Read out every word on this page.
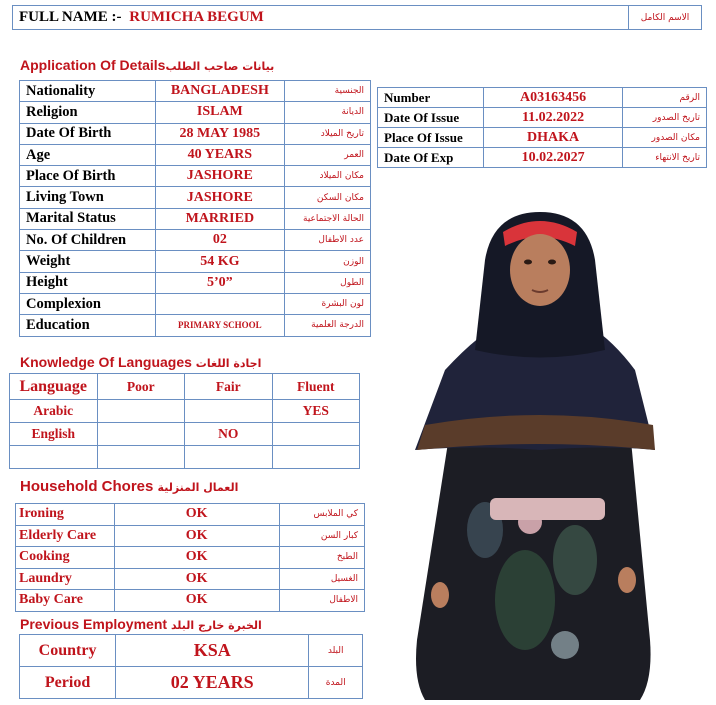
FULL NAME :- RUMICHA BEGUM	الاسم الكامل
Application Of Detailsبيانات صاحب الطلب
Nationality	BANGLADESH	الجنسية
Religion	ISLAM	الديانة
Date Of Birth	28 MAY 1985	تاريخ الميلاد
Age	40 YEARS	العمر
Place Of Birth	JASHORE	مكان الميلاد
Living Town	JASHORE	مكان السكن
Marital Status	MARRIED	الحالة الاجتماعية
No. Of Children	02	عدد الاطفال
Weight	54 KG	الوزن
Height	5’0”	الطول
Complexion		لون البشرة
Education	PRIMARY SCHOOL	الدرجة العلمية
Number	A03163456	الرقم
Date Of Issue	11.02.2022	تاريخ الصدور
Place Of Issue	DHAKA	مكان الصدور
Date Of Exp	10.02.2027	تاريخ الانتهاء
Knowledge Of Languages اجادة اللغات
Language	Poor	Fair	Fluent
Arabic			YES
English		NO	

Household Chores العمال المنزلية
Ironing	OK	كي الملابس
Elderly Care	OK	كبار السن
Cooking	OK	الطبخ
Laundry	OK	الغسيل
Baby Care	OK	الاطفال
Previous Employment الخبرة خارج البلد
Country	KSA	البلد
Period	02 YEARS	المدة
